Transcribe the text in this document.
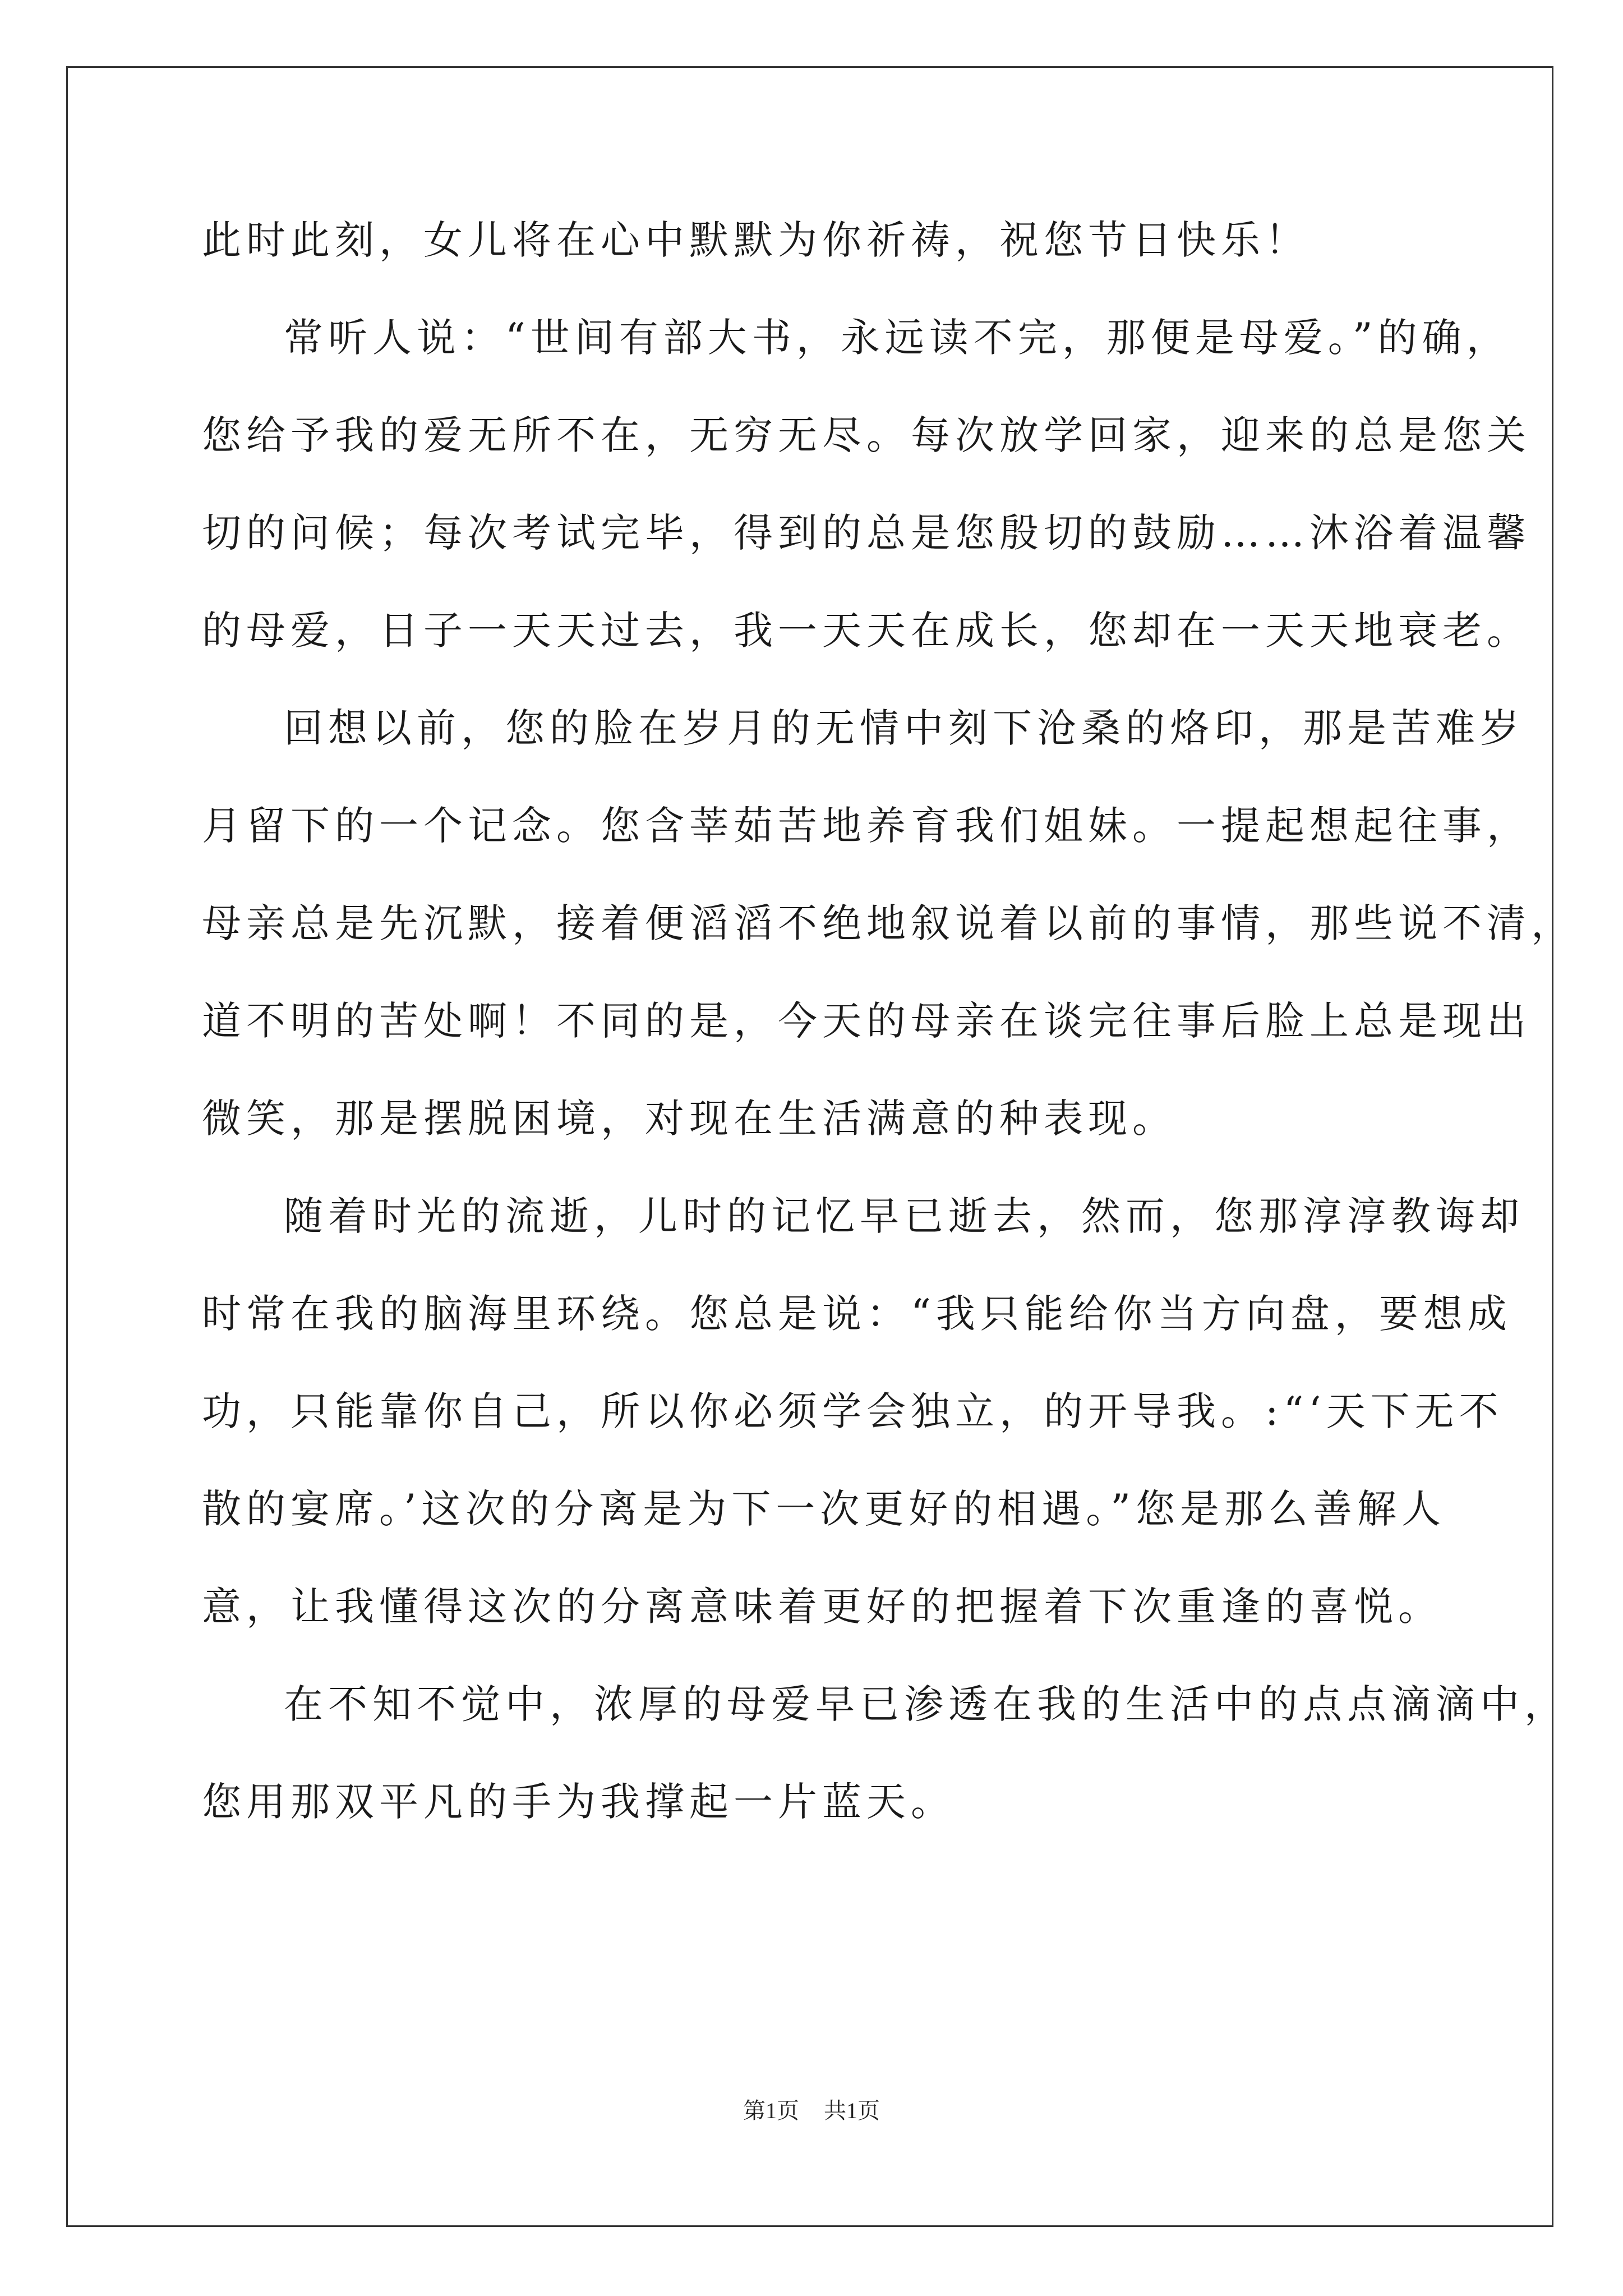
此时此刻，女儿将在心中默默为你祈祷，祝您节日快乐！
常听人说：“世间有部大书，永远读不完，那便是母爱。”的确，
您给予我的爱无所不在，无穷无尽。每次放学回家，迎来的总是您关
切的问候；每次考试完毕，得到的总是您殷切的鼓励……沐浴着温馨
的母爱，日子一天天过去，我一天天在成长，您却在一天天地衰老。
回想以前，您的脸在岁月的无情中刻下沧桑的烙印，那是苦难岁
月留下的一个记念。您含莘茹苦地养育我们姐妹。一提起想起往事，
母亲总是先沉默，接着便滔滔不绝地叙说着以前的事情，那些说不清，
道不明的苦处啊！不同的是，今天的母亲在谈完往事后脸上总是现出
微笑，那是摆脱困境，对现在生活满意的种表现。
随着时光的流逝，儿时的记忆早已逝去，然而，您那淳淳教诲却
时常在我的脑海里环绕。您总是说：“我只能给你当方向盘，要想成
功，只能靠你自己，所以你必须学会独立，的开导我。:“‘天下无不
散的宴席。’这次的分离是为下一次更好的相遇。”您是那么善解人
意，让我懂得这次的分离意味着更好的把握着下次重逢的喜悦。
在不知不觉中，浓厚的母爱早已渗透在我的生活中的点点滴滴中，
您用那双平凡的手为我撑起一片蓝天。
第1页 共1页
